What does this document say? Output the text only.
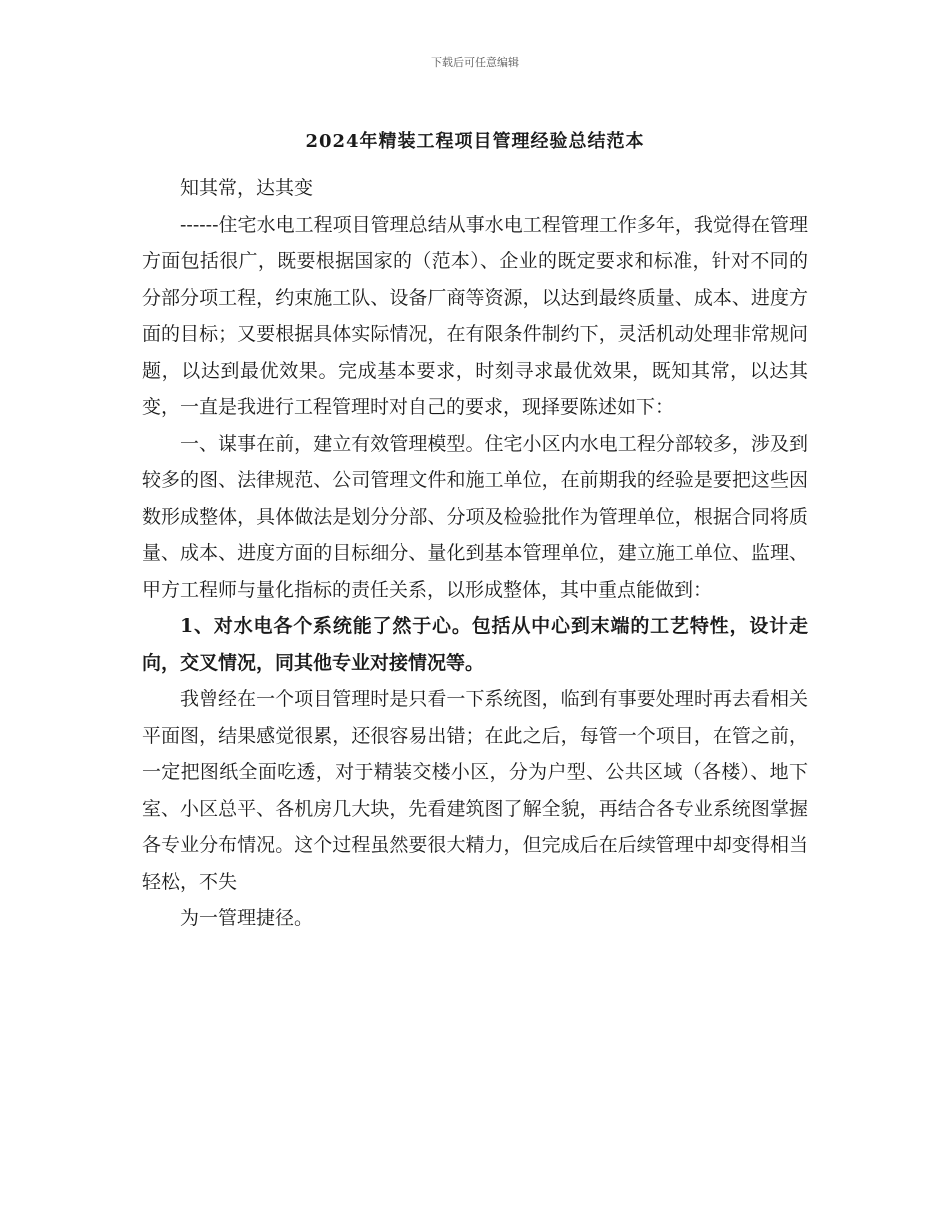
下载后可任意编辑
2024年精装工程项目管理经验总结范本

知其常，达其变

------住宅水电工程项目管理总结从事水电工程管理工作多年，我觉得在管理方面包括很广，既要根据国家的（范本）、企业的既定要求和标准，针对不同的分部分项工程，约束施工队、设备厂商等资源，以达到最终质量、成本、进度方面的目标；又要根据具体实际情况，在有限条件制约下，灵活机动处理非常规问题，以达到最优效果。完成基本要求，时刻寻求最优效果，既知其常，以达其变，一直是我进行工程管理时对自己的要求，现择要陈述如下：

一、谋事在前，建立有效管理模型。住宅小区内水电工程分部较多，涉及到较多的图、法律规范、公司管理文件和施工单位，在前期我的经验是要把这些因数形成整体，具体做法是划分分部、分项及检验批作为管理单位，根据合同将质量、成本、进度方面的目标细分、量化到基本管理单位，建立施工单位、监理、甲方工程师与量化指标的责任关系，以形成整体，其中重点能做到：

1、对水电各个系统能了然于心。包括从中心到末端的工艺特性，设计走向，交叉情况，同其他专业对接情况等。

我曾经在一个项目管理时是只看一下系统图，临到有事要处理时再去看相关平面图，结果感觉很累，还很容易出错；在此之后，每管一个项目，在管之前，一定把图纸全面吃透，对于精装交楼小区，分为户型、公共区域（各楼）、地下室、小区总平、各机房几大块，先看建筑图了解全貌，再结合各专业系统图掌握各专业分布情况。这个过程虽然要很大精力，但完成后在后续管理中却变得相当轻松，不失

为一管理捷径。
